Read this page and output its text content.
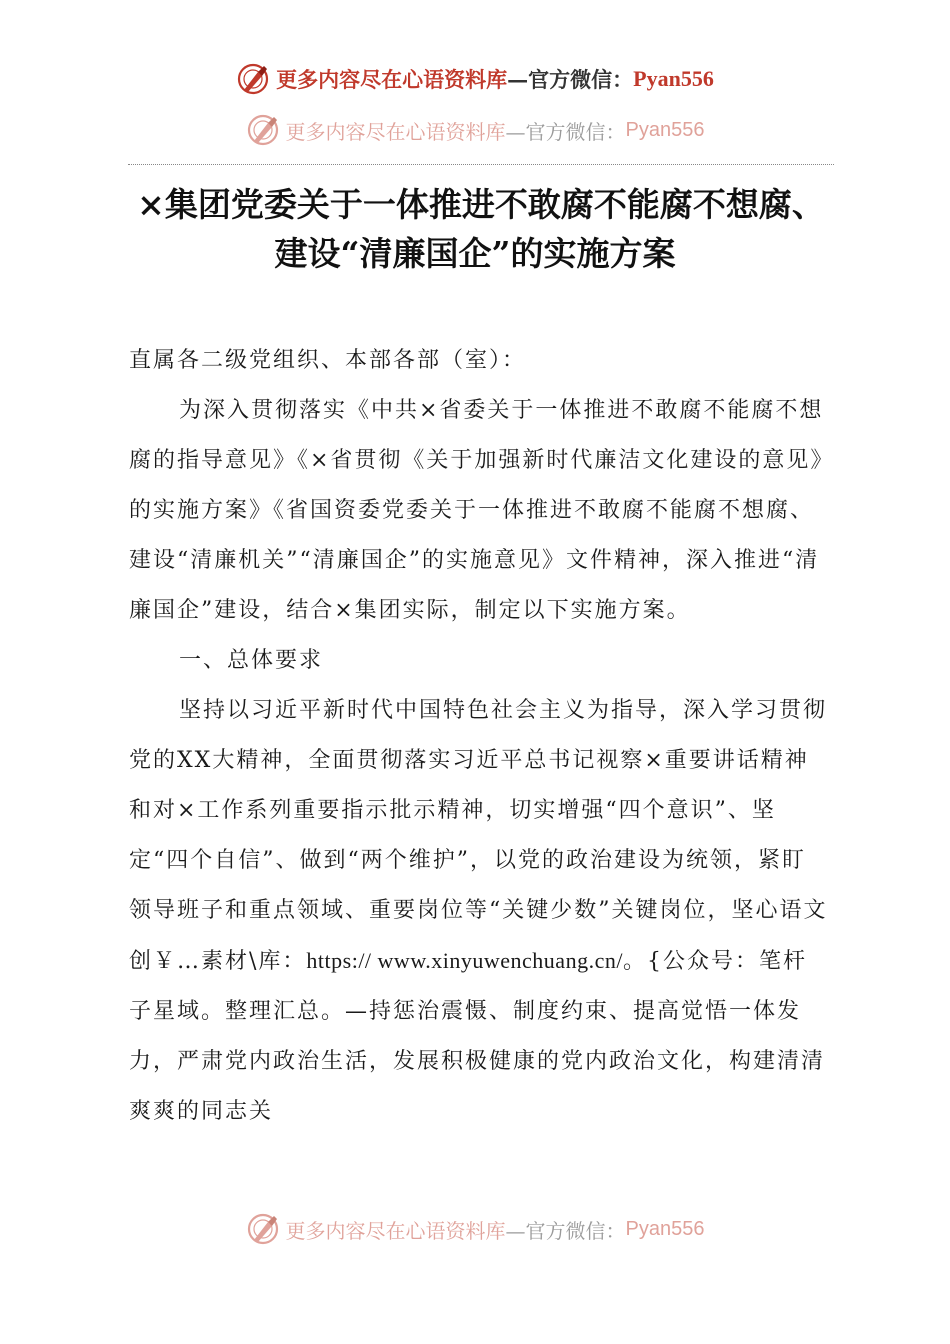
更多内容尽在心语资料库 —官方微信： Pyan556
更多内容尽在心语资料库 —官方微信： Pyan556
×集团党委关于一体推进不敢腐不能腐不想腐、
建设“清廉国企”的实施方案

直属各二级党组织、本部各部（室）：

为深入贯彻落实《中共×省委关于一体推进不敢腐不能腐不想腐的指导意见》《×省贯彻《关于加强新时代廉洁文化建设的意见》的实施方案》《省国资委党委关于一体推进不敢腐不能腐不想腐、建设“清廉机关”“清廉国企”的实施意见》文件精神，深入推进“清廉国企”建设，结合×集团实际，制定以下实施方案。

一、总体要求

坚持以习近平新时代中国特色社会主义为指导，深入学习贯彻党的XX大精神，全面贯彻落实习近平总书记视察×重要讲话精神和对×工作系列重要指示批示精神，切实增强“四个意识”、坚定“四个自信”、做到“两个维护”，以党的政治建设为统领，紧盯领导班子和重点领域、重要岗位等“关键少数”关键岗位，坚心语文创￥…素材\库：https:// www.xinyuwenchuang.cn/。{公众号：笔杆子星域。整理汇总。—持惩治震慑、制度约束、提高觉悟一体发力，严肃党内政治生活，发展积极健康的党内政治文化，构建清清爽爽的同志关

更多内容尽在心语资料库 —官方微信： Pyan556
